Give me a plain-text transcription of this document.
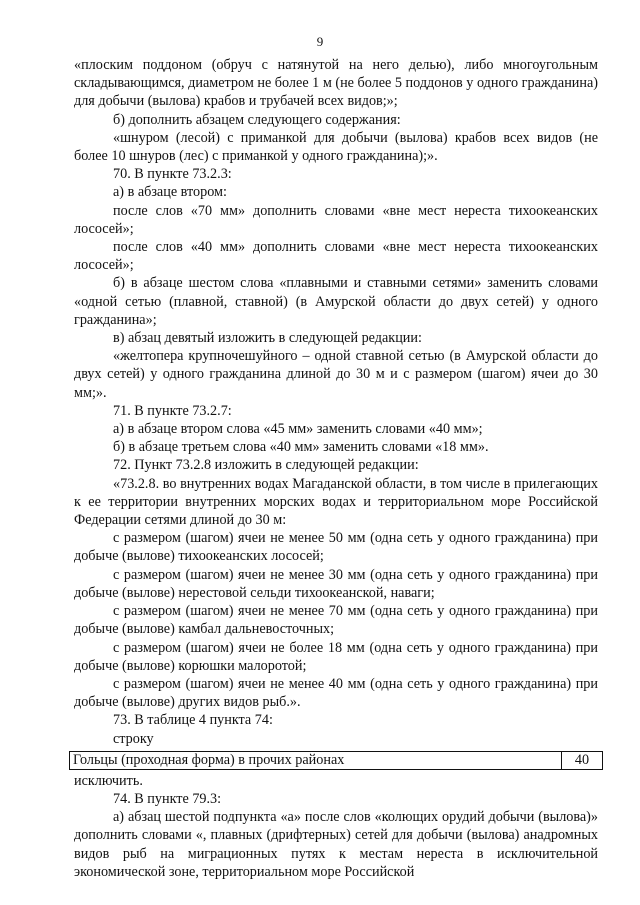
9

«плоским поддоном (обруч с натянутой на него делью), либо многоугольным складывающимся, диаметром не более 1 м (не более 5 поддонов у одного гражданина) для добычи (вылова) крабов и трубачей всех видов;»;

б) дополнить абзацем следующего содержания:

«шнуром (лесой) с приманкой для добычи (вылова) крабов всех видов (не более 10 шнуров (лес) с приманкой у одного гражданина);».

70. В пункте 73.2.3:

а) в абзаце втором:

после слов «70 мм» дополнить словами «вне мест нереста тихоокеанских лососей»;

после слов «40 мм» дополнить словами «вне мест нереста тихоокеанских лососей»;

б) в абзаце шестом слова «плавными и ставными сетями» заменить словами «одной сетью (плавной, ставной) (в Амурской области до двух сетей) у одного гражданина»;

в) абзац девятый изложить в следующей редакции:

«желтопера крупночешуйного – одной ставной сетью (в Амурской области до двух сетей) у одного гражданина длиной до 30 м и с размером (шагом) ячеи до 30 мм;».

71. В пункте 73.2.7:

а) в абзаце втором слова «45 мм» заменить словами «40 мм»;

б) в абзаце третьем слова «40 мм» заменить словами «18 мм».

72. Пункт 73.2.8 изложить в следующей редакции:

«73.2.8. во внутренних водах Магаданской области, в том числе в прилегающих к ее территории внутренних морских водах и территориальном море Российской Федерации сетями длиной до 30 м:

с размером (шагом) ячеи не менее 50 мм (одна сеть у одного гражданина) при добыче (вылове) тихоокеанских лососей;

с размером (шагом) ячеи не менее 30 мм (одна сеть у одного гражданина) при добыче (вылове) нерестовой сельди тихоокеанской, наваги;

с размером (шагом) ячеи не менее 70 мм (одна сеть у одного гражданина) при добыче (вылове) камбал дальневосточных;

с размером (шагом) ячеи не более 18 мм (одна сеть у одного гражданина) при добыче (вылове) корюшки малоротой;

с размером (шагом) ячеи не менее 40 мм (одна сеть у одного гражданина) при добыче (вылове) других видов рыб.».

73. В таблице 4 пункта 74:

строку

Гольцы (проходная форма) в прочих районах	40

исключить.

74. В пункте 79.3:

а) абзац шестой подпункта «а» после слов «колющих орудий добычи (вылова)» дополнить словами «, плавных (дрифтерных) сетей для добычи (вылова) анадромных видов рыб на миграционных путях к местам нереста в исключительной экономической зоне, территориальном море Российской
